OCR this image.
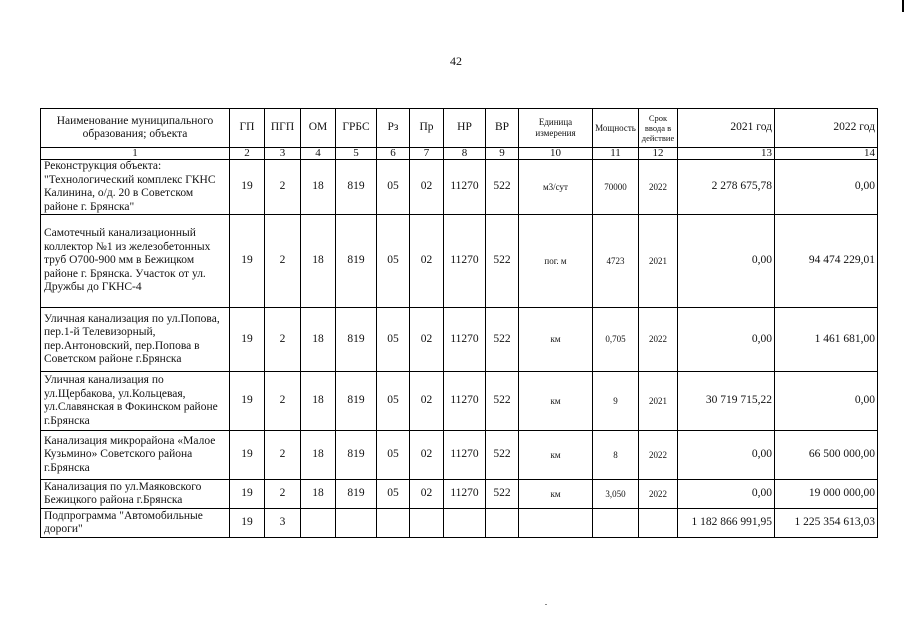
42
Наименование муниципального образования; объекта	ГП	ПГП	ОМ	ГРБС	Рз	Пр	НР	ВР	Единица измерения	Мощность	Срок ввода в действие	2021 год	2022 год
1	2	3	4	5	6	7	8	9	10	11	12	13	14
Реконструкция объекта: "Технологический комплекс ГКНС Калинина, о/д. 20 в Советском районе г. Брянска"	19	2	18	819	05	02	11270	522	м3/сут	70000	2022	2 278 675,78	0,00
Самотечный канализационный коллектор №1 из железобетонных труб О700-900 мм в Бежицком районе г. Брянска. Участок от ул. Дружбы до ГКНС-4	19	2	18	819	05	02	11270	522	пог. м	4723	2021	0,00	94 474 229,01
Уличная канализация по ул.Попова, пер.1-й Телевизорный, пер.Антоновский, пер.Попова в Советском районе г.Брянска	19	2	18	819	05	02	11270	522	км	0,705	2022	0,00	1 461 681,00
Уличная канализация по ул.Щербакова, ул.Кольцевая, ул.Славянская в Фокинском районе г.Брянска	19	2	18	819	05	02	11270	522	км	9	2021	30 719 715,22	0,00
Канализация микрорайона «Малое Кузьмино» Советского района г.Брянска	19	2	18	819	05	02	11270	522	км	8	2022	0,00	66 500 000,00
Канализация по ул.Маяковского Бежицкого района г.Брянска	19	2	18	819	05	02	11270	522	км	3,050	2022	0,00	19 000 000,00
Подпрограмма "Автомобильные дороги"	19	3										1 182 866 991,95	1 225 354 613,03
